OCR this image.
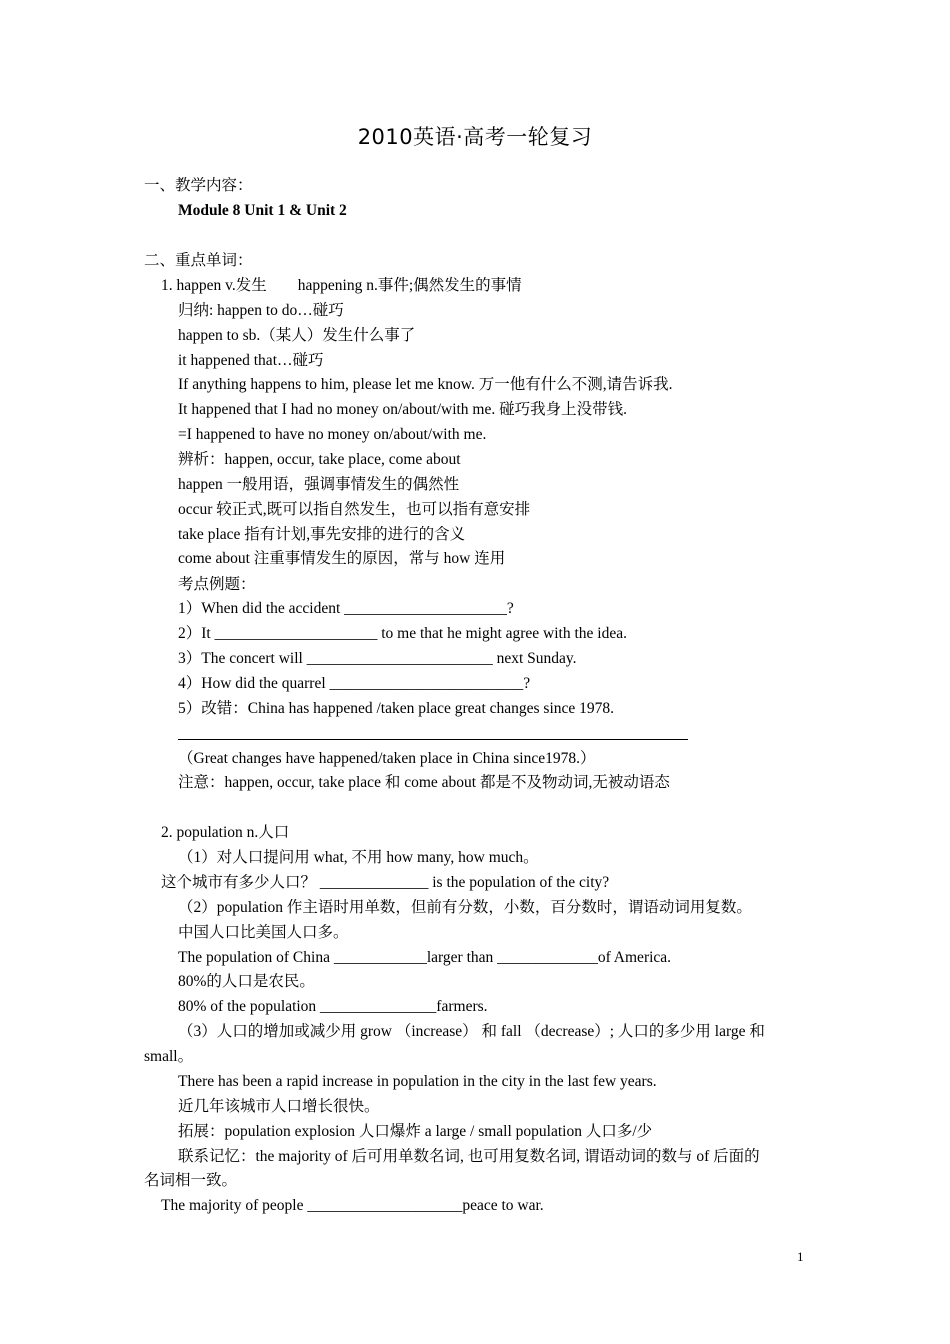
2010英语·高考一轮复习
一、教学内容：
Module 8 Unit 1 & Unit 2
二、重点单词：
1. happen v.发生　　happening n.事件;偶然发生的事情
归纳: happen to do…碰巧
happen to sb.（某人）发生什么事了
it happened that…碰巧
If anything happens to him, please let me know. 万一他有什么不测,请告诉我.
It happened that I had no money on/about/with me. 碰巧我身上没带钱.
=I happened to have no money on/about/with me.
辨析：happen, occur, take place, come about
happen 一般用语，强调事情发生的偶然性
occur 较正式,既可以指自然发生，也可以指有意安排
take place 指有计划,事先安排的进行的含义
come about 注重事情发生的原因，常与 how 连用
考点例题：
1）When did the accident _____________________?
2）It _____________________ to me that he might agree with the idea.
3）The concert will ________________________ next Sunday.
4）How did the quarrel _________________________?
5）改错：China has happened /taken place great changes since 1978.
（Great changes have happened/taken place in China since1978.）
注意：happen, occur, take place 和 come about 都是不及物动词,无被动语态
2. population n.人口
（1）对人口提问用 what, 不用 how many, how much。
这个城市有多少人口？ ______________ is the population of the city?
（2）population 作主语时用单数，但前有分数，小数，百分数时，谓语动词用复数。
中国人口比美国人口多。
The population of China ____________larger than _____________of America.
80%的人口是农民。
80% of the population _______________farmers.
（3）人口的增加或减少用 grow （increase） 和 fall （decrease）; 人口的多少用 large 和
small。
There has been a rapid increase in population in the city in the last few years.
近几年该城市人口增长很快。
拓展：population explosion 人口爆炸 a large / small population 人口多/少
联系记忆：the majority of 后可用单数名词, 也可用复数名词, 谓语动词的数与 of 后面的
名词相一致。
The majority of people ____________________peace to war.
1
